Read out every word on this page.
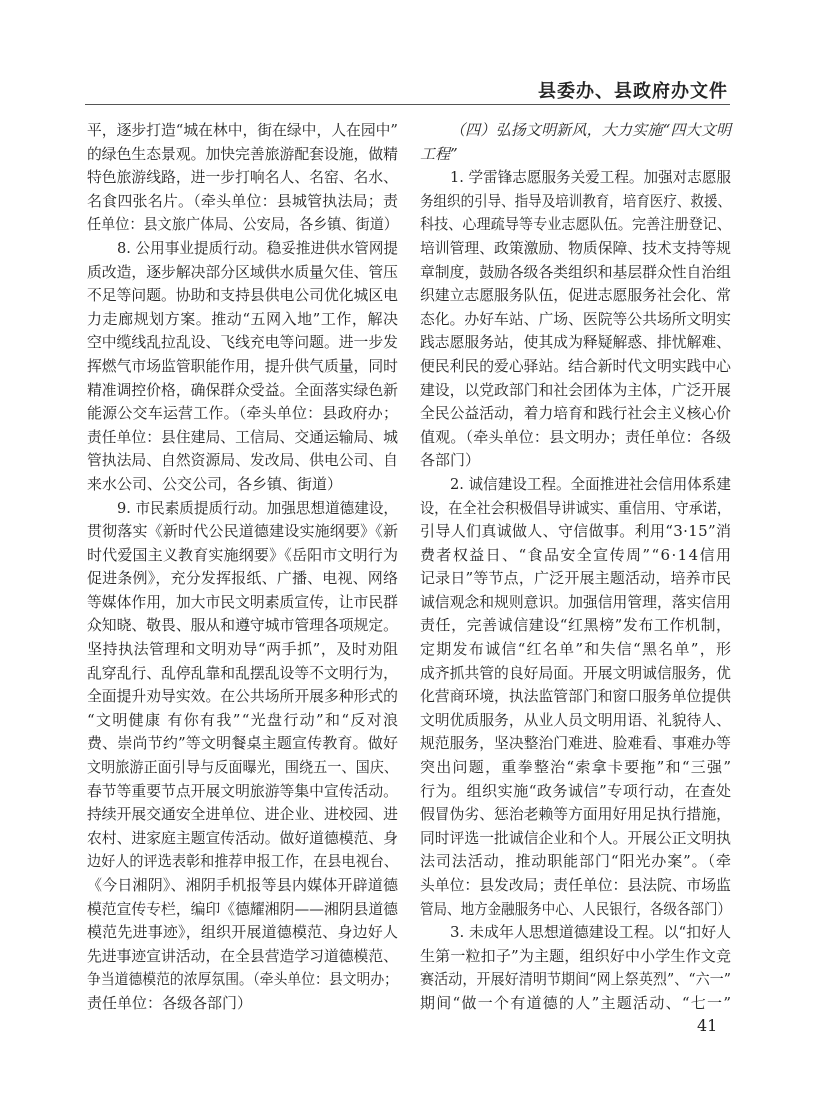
县委办、县政府办文件
平，逐步打造“城在林中，街在绿中，人在园中”
的绿色生态景观。加快完善旅游配套设施，做精
特色旅游线路，进一步打响名人、名窑、名水、
名食四张名片。（牵头单位：县城管执法局；责
任单位：县文旅广体局、公安局，各乡镇、街道）
8. 公用事业提质行动。稳妥推进供水管网提
质改造，逐步解决部分区域供水质量欠佳、管压
不足等问题。协助和支持县供电公司优化城区电
力走廊规划方案。推动“五网入地”工作，解决
空中缆线乱拉乱设、飞线充电等问题。进一步发
挥燃气市场监管职能作用，提升供气质量，同时
精准调控价格，确保群众受益。全面落实绿色新
能源公交车运营工作。（牵头单位：县政府办；
责任单位：县住建局、工信局、交通运输局、城
管执法局、自然资源局、发改局、供电公司、自
来水公司、公交公司，各乡镇、街道）
9. 市民素质提质行动。加强思想道德建设，
贯彻落实《新时代公民道德建设实施纲要》《新
时代爱国主义教育实施纲要》《岳阳市文明行为
促进条例》，充分发挥报纸、广播、电视、网络
等媒体作用，加大市民文明素质宣传，让市民群
众知晓、敬畏、服从和遵守城市管理各项规定。
坚持执法管理和文明劝导“两手抓”，及时劝阻
乱穿乱行、乱停乱靠和乱摆乱设等不文明行为，
全面提升劝导实效。在公共场所开展多种形式的
“文明健康 有你有我”“光盘行动”和“反对浪
费、崇尚节约”等文明餐桌主题宣传教育。做好
文明旅游正面引导与反面曝光，围绕五一、国庆、
春节等重要节点开展文明旅游等集中宣传活动。
持续开展交通安全进单位、进企业、进校园、进
农村、进家庭主题宣传活动。做好道德模范、身
边好人的评选表彰和推荐申报工作，在县电视台、
《今日湘阴》、湘阴手机报等县内媒体开辟道德
模范宣传专栏，编印《德耀湘阴——湘阴县道德
模范先进事迹》，组织开展道德模范、身边好人
先进事迹宣讲活动，在全县营造学习道德模范、
争当道德模范的浓厚氛围。（牵头单位：县文明办；
责任单位：各级各部门）
（四）弘扬文明新风，大力实施“四大文明
工程”
1. 学雷锋志愿服务关爱工程。加强对志愿服
务组织的引导、指导及培训教育，培育医疗、救援、
科技、心理疏导等专业志愿队伍。完善注册登记、
培训管理、政策激励、物质保障、技术支持等规
章制度，鼓励各级各类组织和基层群众性自治组
织建立志愿服务队伍，促进志愿服务社会化、常
态化。办好车站、广场、医院等公共场所文明实
践志愿服务站，使其成为释疑解惑、排忧解难、
便民利民的爱心驿站。结合新时代文明实践中心
建设，以党政部门和社会团体为主体，广泛开展
全民公益活动，着力培育和践行社会主义核心价
值观。（牵头单位：县文明办；责任单位：各级
各部门）
2. 诚信建设工程。全面推进社会信用体系建
设，在全社会积极倡导讲诚实、重信用、守承诺，
引导人们真诚做人、守信做事。利用“3·15”消
费者权益日、“食品安全宣传周”“6·14信用
记录日”等节点，广泛开展主题活动，培养市民
诚信观念和规则意识。加强信用管理，落实信用
责任，完善诚信建设“红黑榜”发布工作机制，
定期发布诚信“红名单”和失信“黑名单”，形
成齐抓共管的良好局面。开展文明诚信服务，优
化营商环境，执法监管部门和窗口服务单位提供
文明优质服务，从业人员文明用语、礼貌待人、
规范服务，坚决整治门难进、脸难看、事难办等
突出问题，重拳整治“索拿卡要拖”和“三强”
行为。组织实施“政务诚信”专项行动，在查处
假冒伪劣、惩治老赖等方面用好用足执行措施，
同时评选一批诚信企业和个人。开展公正文明执
法司法活动，推动职能部门“阳光办案”。（牵
头单位：县发改局；责任单位：县法院、市场监
管局、地方金融服务中心、人民银行，各级各部门）
3. 未成年人思想道德建设工程。以“扣好人
生第一粒扣子”为主题，组织好中小学生作文竞
赛活动，开展好清明节期间“网上祭英烈”、“六一”
期间“做一个有道德的人”主题活动、“七一”
41
